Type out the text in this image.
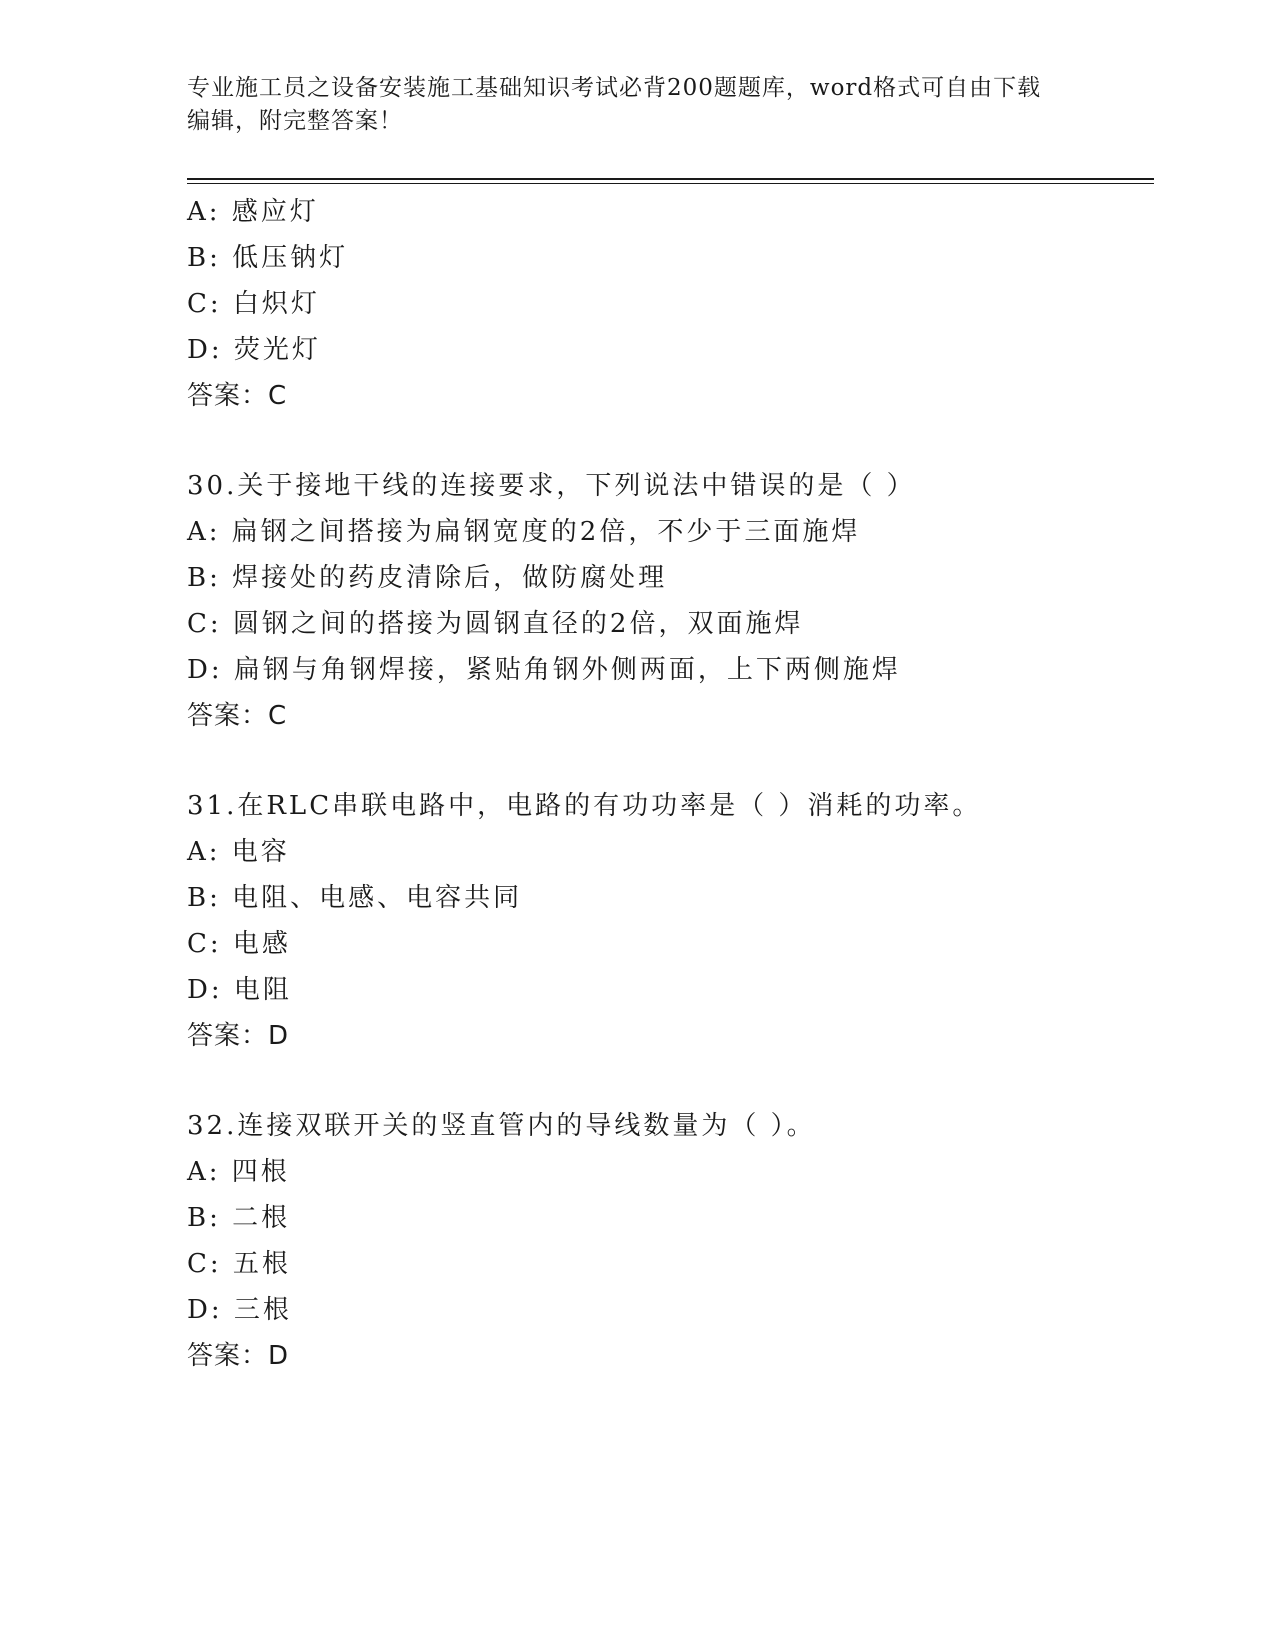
专业施工员之设备安装施工基础知识考试必背200题题库，word格式可自由下载
编辑，附完整答案！
A: 感应灯
B: 低压钠灯
C: 白炽灯
D: 荧光灯
答案：C
30.关于接地干线的连接要求，下列说法中错误的是（ ）
A: 扁钢之间搭接为扁钢宽度的2倍，不少于三面施焊
B: 焊接处的药皮清除后，做防腐处理
C: 圆钢之间的搭接为圆钢直径的2倍，双面施焊
D: 扁钢与角钢焊接，紧贴角钢外侧两面，上下两侧施焊
答案：C
31.在RLC串联电路中，电路的有功功率是（ ）消耗的功率。
A: 电容
B: 电阻、电感、电容共同
C: 电感
D: 电阻
答案：D
32.连接双联开关的竖直管内的导线数量为（ ）。
A: 四根
B: 二根
C: 五根
D: 三根
答案：D
